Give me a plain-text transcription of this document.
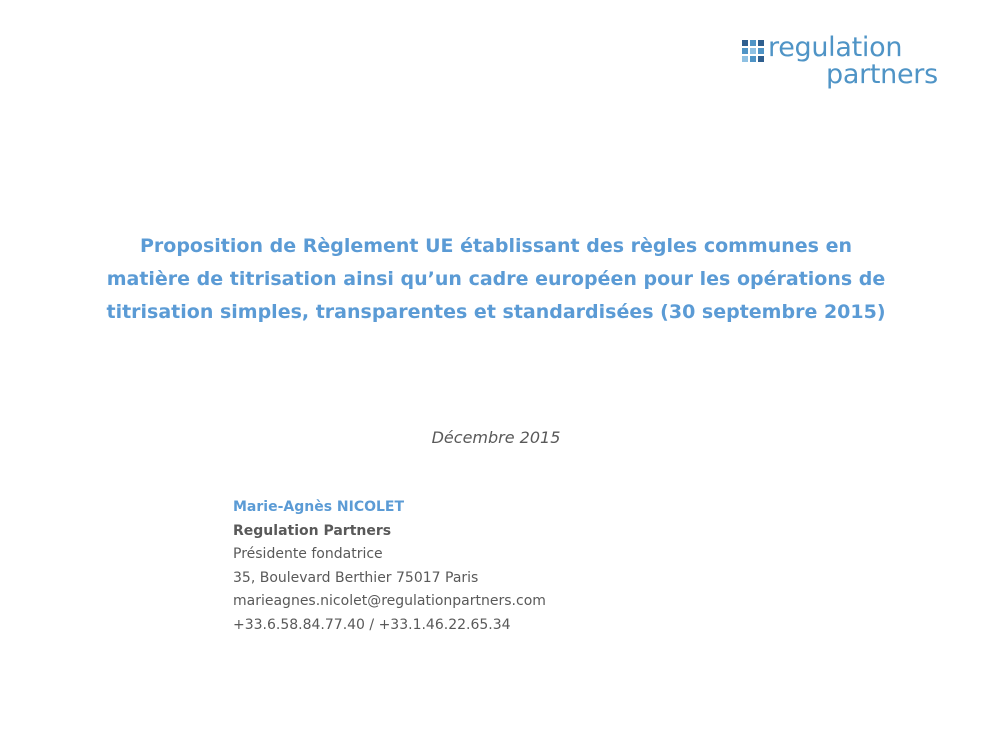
regulation
partners
Proposition de Règlement UE établissant des règles communes en
matière de titrisation ainsi qu’un cadre européen pour les opérations de
titrisation simples, transparentes et standardisées (30 septembre 2015)
Décembre 2015
Marie-Agnès NICOLET
Regulation Partners
Présidente fondatrice
35, Boulevard Berthier 75017 Paris
marieagnes.nicolet@regulationpartners.com
+33.6.58.84.77.40 / +33.1.46.22.65.34
